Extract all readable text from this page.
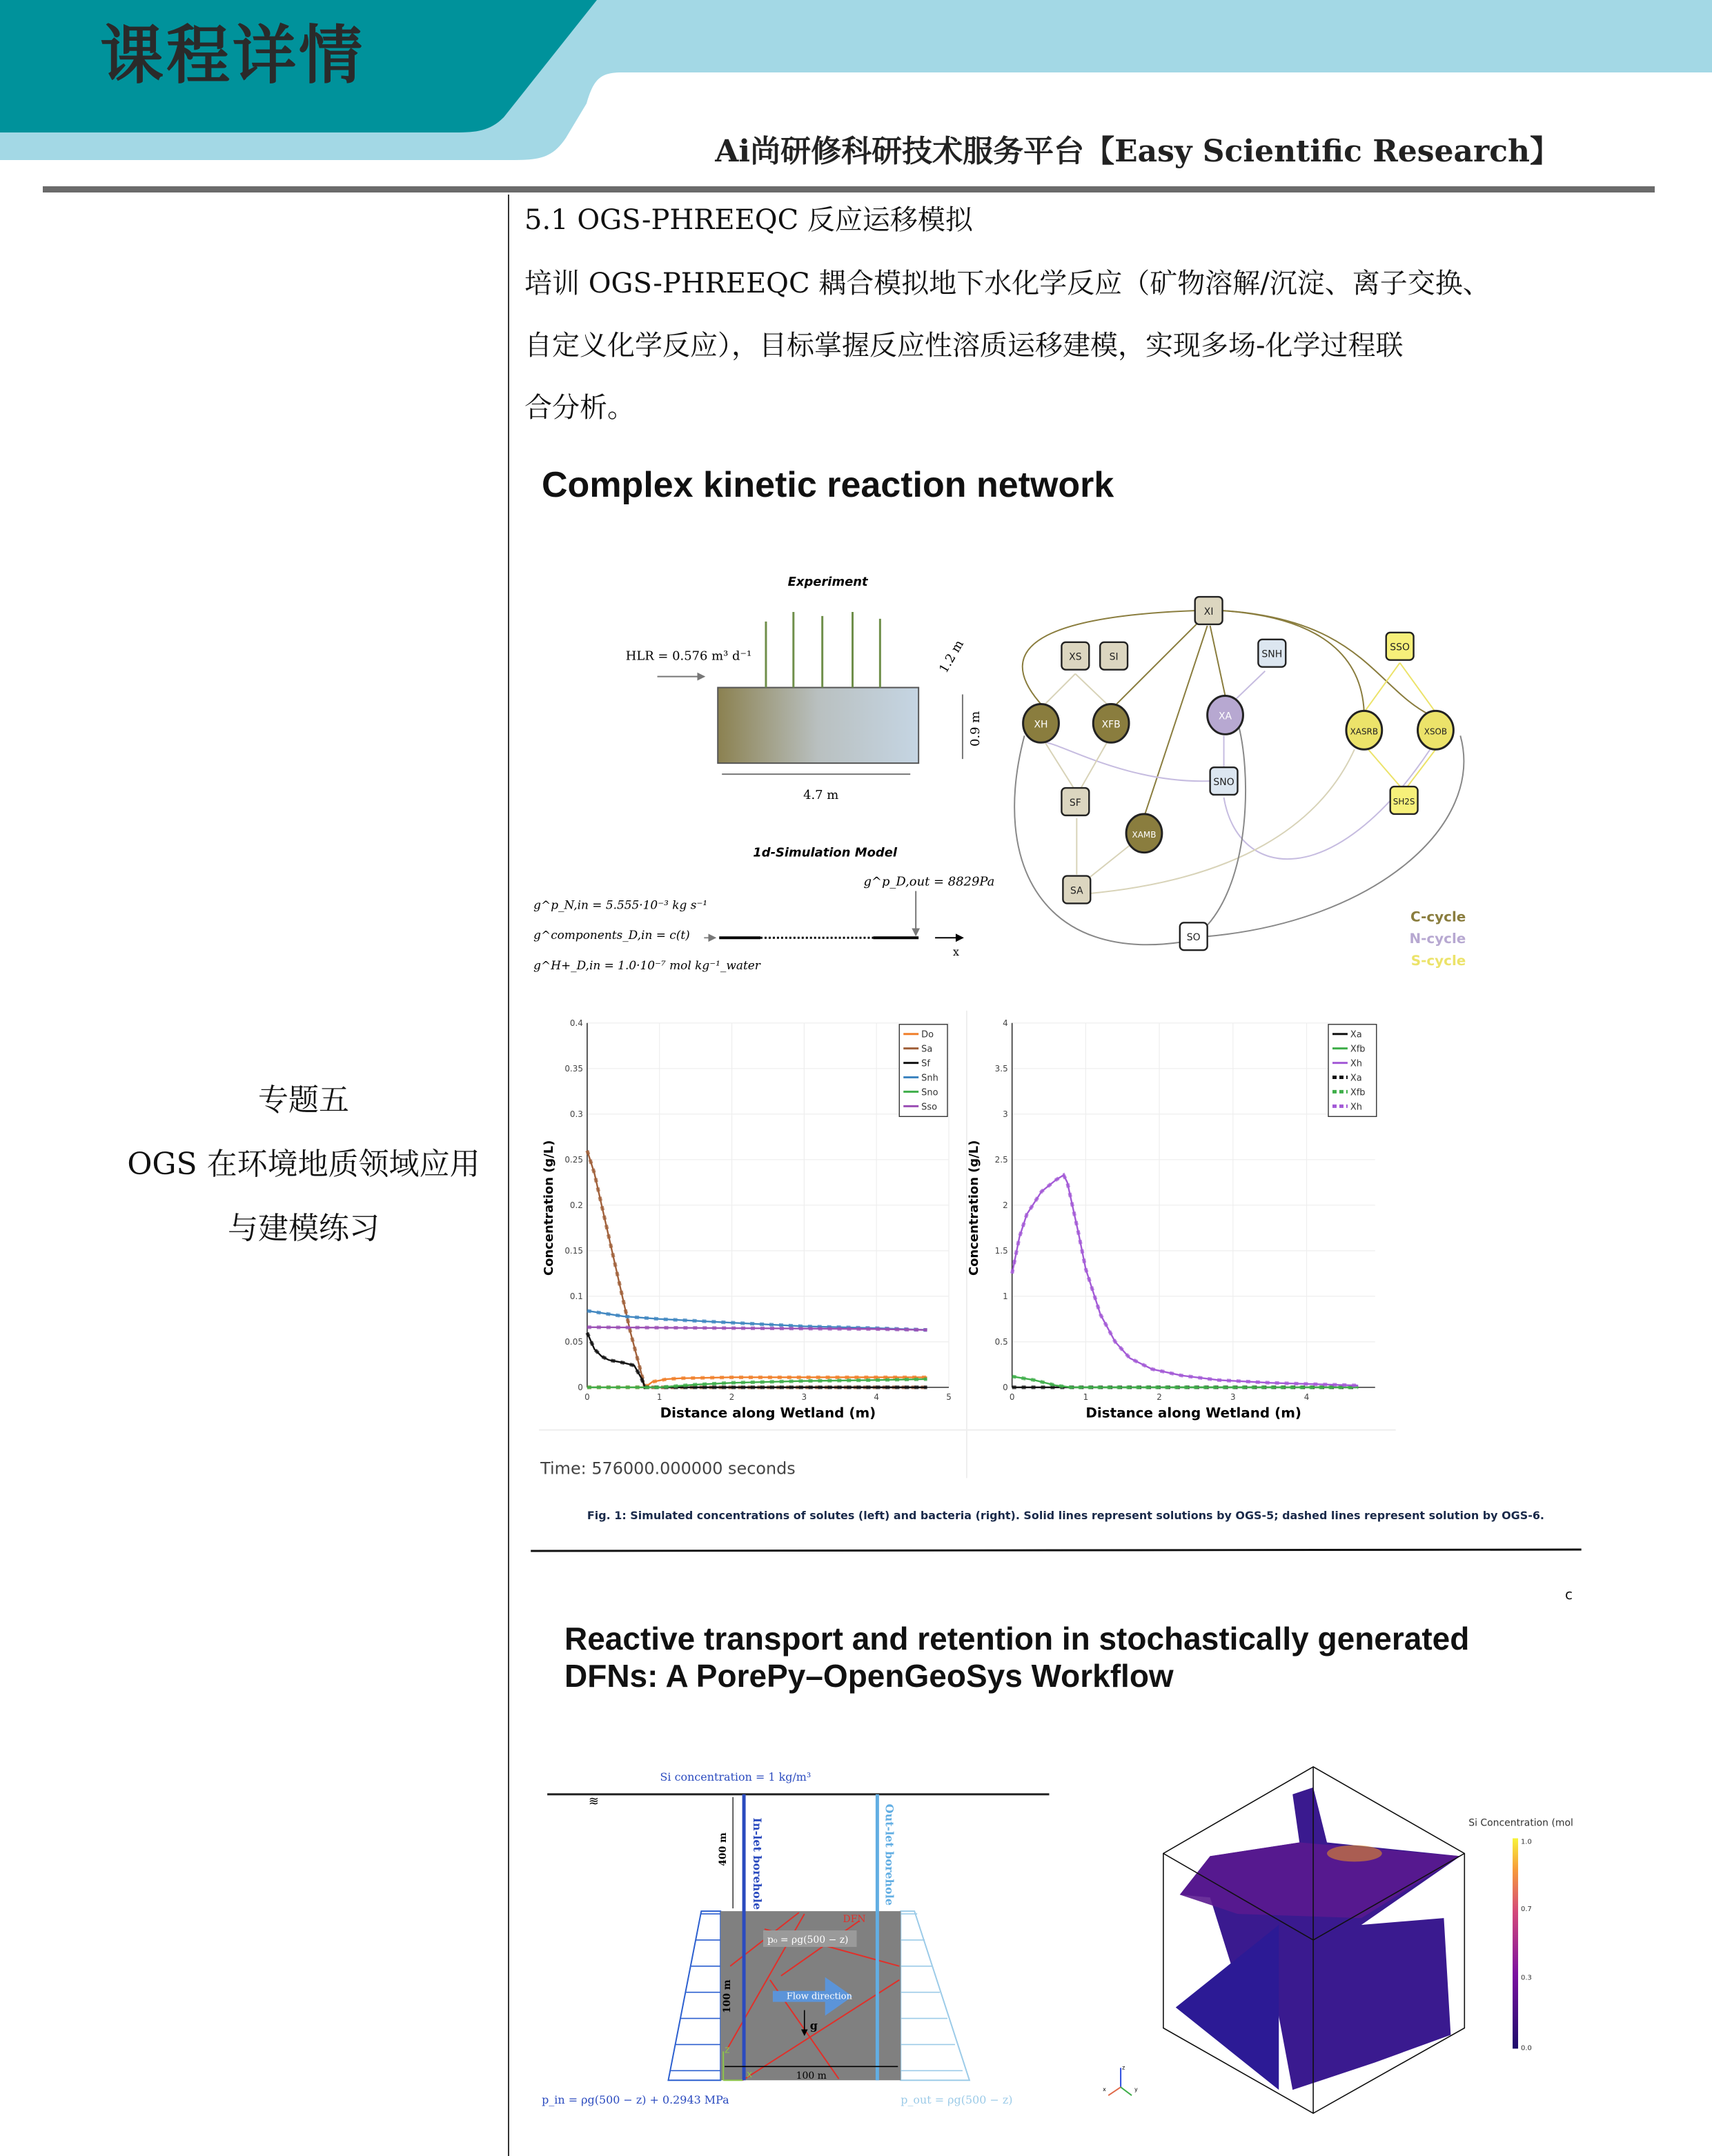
课程详情
Ai尚研修科研技术服务平台【Easy Scientific Research】
专题五
OGS 在环境地质领域应用
与建模练习
5.1 OGS-PHREEQC 反应运移模拟
培训 OGS-PHREEQC 耦合模拟地下水化学反应（矿物溶解/沉淀、离子交换、
自定义化学反应），目标掌握反应性溶质运移建模，实现多场-化学过程联
合分析。
Complex kinetic reaction network
Reactive transport and retention in stochastically generated
DFNs: A PorePy–OpenGeoSys Workflow
c
Experiment
HLR = 0.576 m³ d⁻¹	1.2 m
0.9 m
4.7 m
1d-Simulation Model
g^p_D,out = 8829Pa
g^p_N,in = 5.555·10⁻³ kg s⁻¹
g^components_D,in = c(t)
g^H+_D,in = 1.0·10⁻⁷ mol kg⁻¹_water
x
XI
XS	SI	SNH
SSO
XH	XFB
XA
XASRB	XSOB
SNO
SF
XAMB
SH2S
SA
SO
C-cycle
N-cycle
S-cycle
0
0.05
0.1
0.15
0.2
0.25
0.3
0.35
0.4
0	1	2	3	4	5
Distance along Wetland (m)
Concentration (g/L)
Do
Sa
Sf
Snh
Sno
Sso
0
0.5
1
1.5
2
2.5
3
3.5
4
0	1	2	3	4
Distance along Wetland (m)
Concentration (g/L)
Xa
Xfb
Xh
Xa
Xfb
Xh
Time: 576000.000000 seconds
Fig. 1: Simulated concentrations of solutes (left) and bacteria (right). Solid lines represent solutions by OGS-5; dashed lines represent solution by OGS-6.
Si concentration = 1 kg/m³
≋
In-let borehole	Out-let borehole
400 m
100 m
100 m
DFN
p₀ = ρg(500 − z)
Flow direction
g
z
x
p_in = ρg(500 − z) + 0.2943 MPa	p_out = ρg(500 − z)
Si Concentration (mol
1.0
0.7
0.3
0.0
z
x	y
